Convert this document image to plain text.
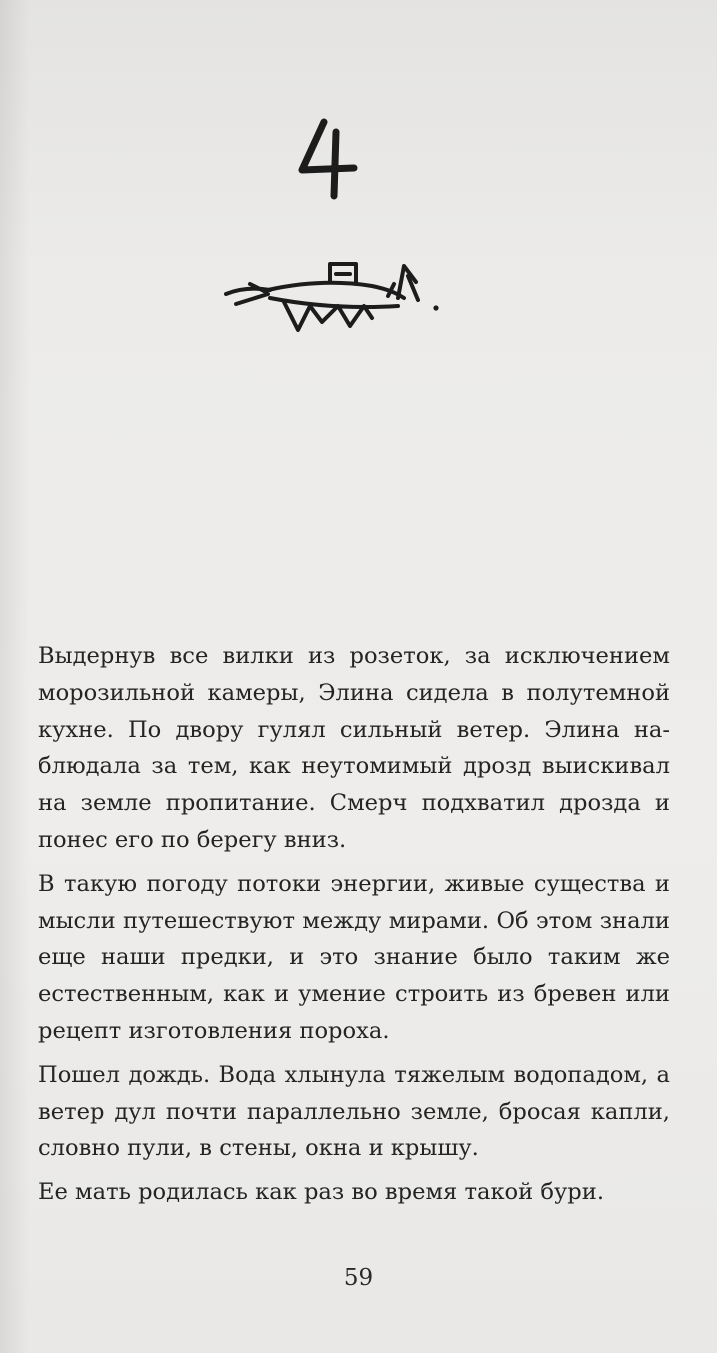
Выдернув все вилки из розеток, за исключением морозильной камеры, Элина сидела в полутемной кухне. По двору гулял сильный ветер. Элина наблюдала за тем, как неутомимый дрозд выискивал на земле пропитание. Смерч подхватил дрозда и понес его по берегу вниз.

В такую погоду потоки энергии, живые существа и мысли путешествуют между мирами. Об этом знали еще наши предки, и это знание было таким же естественным, как и умение строить из бревен или рецепт изготовления пороха.

Пошел дождь. Вода хлынула тяжелым водопадом, а ветер дул почти параллельно земле, бросая капли, словно пули, в стены, окна и крышу.

Ее мать родилась как раз во время такой бури.

59
